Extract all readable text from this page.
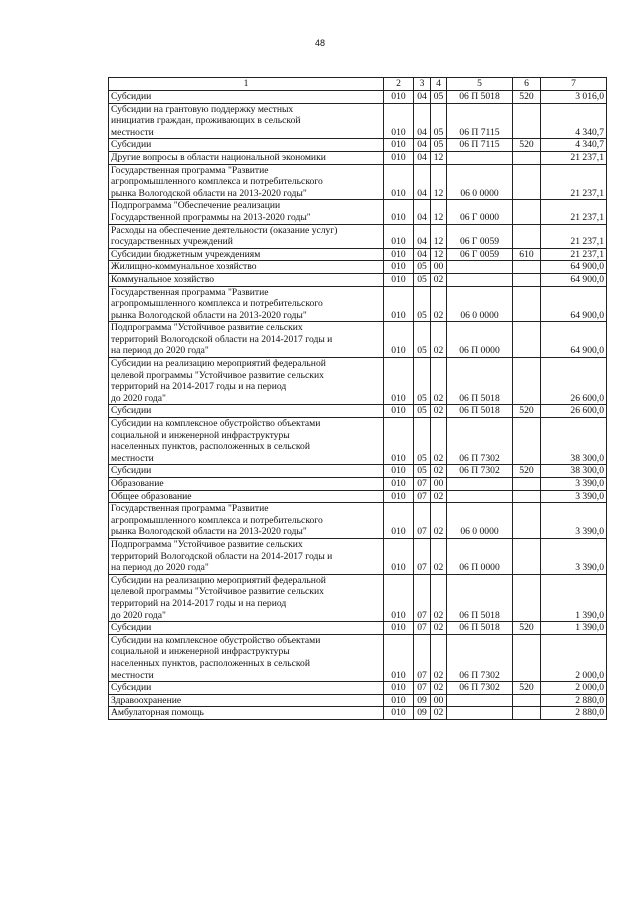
48
1	2	3	4	5	6	7
Субсидии	010	04	05	06 П 5018	520	3 016,0
Субсидии на грантовую поддержку местных
инициатив граждан, проживающих в сельской
местности	010	04	05	06 П 7115		4 340,7
Субсидии	010	04	05	06 П 7115	520	4 340,7
Другие вопросы в области национальной экономики	010	04	12			21 237,1
Государственная программа "Развитие
агропромышленного комплекса и потребительского
рынка Вологодской области на 2013-2020 годы"	010	04	12	06 0 0000		21 237,1
Подпрограмма "Обеспечение реализации
Государственной программы на 2013-2020 годы"	010	04	12	06 Г 0000		21 237,1
Расходы на обеспечение деятельности (оказание услуг)
государственных учреждений	010	04	12	06 Г 0059		21 237,1
Субсидии бюджетным учреждениям	010	04	12	06 Г 0059	610	21 237,1
Жилищно-коммунальное хозяйство	010	05	00			64 900,0
Коммунальное хозяйство	010	05	02			64 900,0
Государственная программа "Развитие
агропромышленного комплекса и потребительского
рынка Вологодской области на 2013-2020 годы"	010	05	02	06 0 0000		64 900,0
Подпрограмма "Устойчивое развитие сельских
территорий Вологодской области на 2014-2017 годы и
на период до 2020 года"	010	05	02	06 П 0000		64 900,0
Субсидии на реализацию мероприятий федеральной
целевой программы "Устойчивое развитие сельских
территорий на 2014-2017 годы и на период
до 2020 года"	010	05	02	06 П 5018		26 600,0
Субсидии	010	05	02	06 П 5018	520	26 600,0
Субсидии на комплексное обустройство объектами
социальной и инженерной инфраструктуры
населенных пунктов, расположенных в сельской
местности	010	05	02	06 П 7302		38 300,0
Субсидии	010	05	02	06 П 7302	520	38 300,0
Образование	010	07	00			3 390,0
Общее образование	010	07	02			3 390,0
Государственная программа "Развитие
агропромышленного комплекса и потребительского
рынка Вологодской области на 2013-2020 годы"	010	07	02	06 0 0000		3 390,0
Подпрограмма "Устойчивое развитие сельских
территорий Вологодской области на 2014-2017 годы и
на период до 2020 года"	010	07	02	06 П 0000		3 390,0
Субсидии на реализацию мероприятий федеральной
целевой программы "Устойчивое развитие сельских
территорий на 2014-2017 годы и на период
до 2020 года"	010	07	02	06 П 5018		1 390,0
Субсидии	010	07	02	06 П 5018	520	1 390,0
Субсидии на комплексное обустройство объектами
социальной и инженерной инфраструктуры
населенных пунктов, расположенных в сельской
местности	010	07	02	06 П 7302		2 000,0
Субсидии	010	07	02	06 П 7302	520	2 000,0
Здравоохранение	010	09	00			2 880,0
Амбулаторная помощь	010	09	02			2 880,0
